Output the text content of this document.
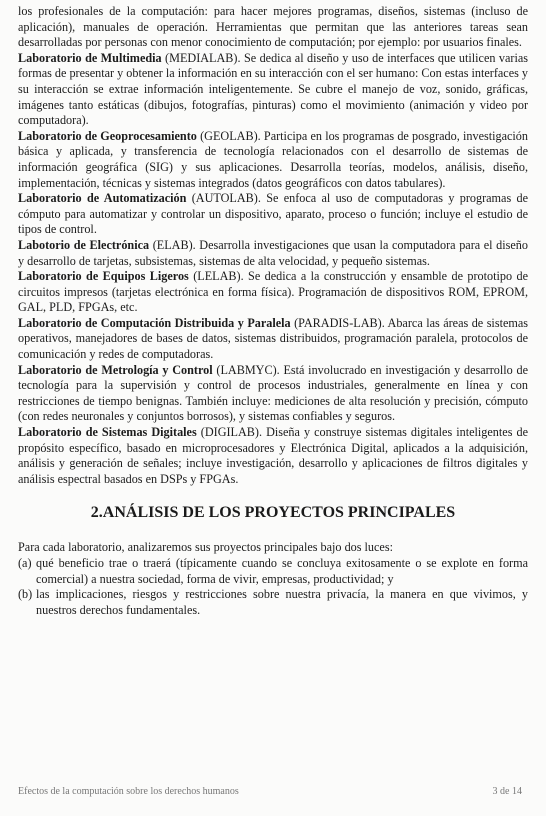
los profesionales de la computación: para hacer mejores programas, diseños, sistemas (incluso de aplicación), manuales de operación. Herramientas que permitan que las anteriores tareas sean desarrolladas por personas con menor conocimiento de computación; por ejemplo: por usuarios finales.

Laboratorio de Multimedia (MEDIALAB). Se dedica al diseño y uso de interfaces que utilicen varias formas de presentar y obtener la información en su interacción con el ser humano: Con estas interfaces y su interacción se extrae información inteligentemente. Se cubre el manejo de voz, sonido, gráficas, imágenes tanto estáticas (dibujos, fotografías, pinturas) como el movimiento (animación y video por computadora).

Laboratorio de Geoprocesamiento (GEOLAB). Participa en los programas de posgrado, investigación básica y aplicada, y transferencia de tecnología relacionados con el desarrollo de sistemas de información geográfica (SIG) y sus aplicaciones. Desarrolla teorías, modelos, análisis, diseño, implementación, técnicas y sistemas integrados (datos geográficos con datos tabulares).

Laboratorio de Automatización (AUTOLAB). Se enfoca al uso de computadoras y programas de cómputo para automatizar y controlar un dispositivo, aparato, proceso o función; incluye el estudio de tipos de control.

Labotorio de Electrónica (ELAB). Desarrolla investigaciones que usan la computadora para el diseño y desarrollo de tarjetas, subsistemas, sistemas de alta velocidad, y pequeño sistemas.

Laboratorio de Equipos Ligeros (LELAB). Se dedica a la construcción y ensamble de prototipo de circuitos impresos (tarjetas electrónica en forma física). Programación de dispositivos ROM, EPROM, GAL, PLD, FPGAs, etc.

Laboratorio de Computación Distribuida y Paralela (PARADIS-LAB). Abarca las áreas de sistemas operativos, manejadores de bases de datos, sistemas distribuidos, programación paralela, protocolos de comunicación y redes de computadoras.

Laboratorio de Metrología y Control (LABMYC). Está involucrado en investigación y desarrollo de tecnología para la supervisión y control de procesos industriales, generalmente en línea y con restricciones de tiempo benignas. También incluye: mediciones de alta resolución y precisión, cómputo (con redes neuronales y conjuntos borrosos), y sistemas confiables y seguros.

Laboratorio de Sistemas Digitales (DIGILAB). Diseña y construye sistemas digitales inteligentes de propósito específico, basado en microprocesadores y Electrónica Digital, aplicados a la adquisición, análisis y generación de señales; incluye investigación, desarrollo y aplicaciones de filtros digitales y análisis espectral basados en DSPs y FPGAs.

2.ANÁLISIS DE LOS PROYECTOS PRINCIPALES

Para cada laboratorio, analizaremos sus proyectos principales bajo dos luces:

(a) qué beneficio trae o traerá (típicamente cuando se concluya exitosamente o se explote en forma comercial) a nuestra sociedad, forma de vivir, empresas, productividad; y
(b) las implicaciones, riesgos y restricciones sobre nuestra privacía, la manera en que vivimos, y nuestros derechos fundamentales.
Efectos de la computación sobre los derechos humanos	3 de 14
